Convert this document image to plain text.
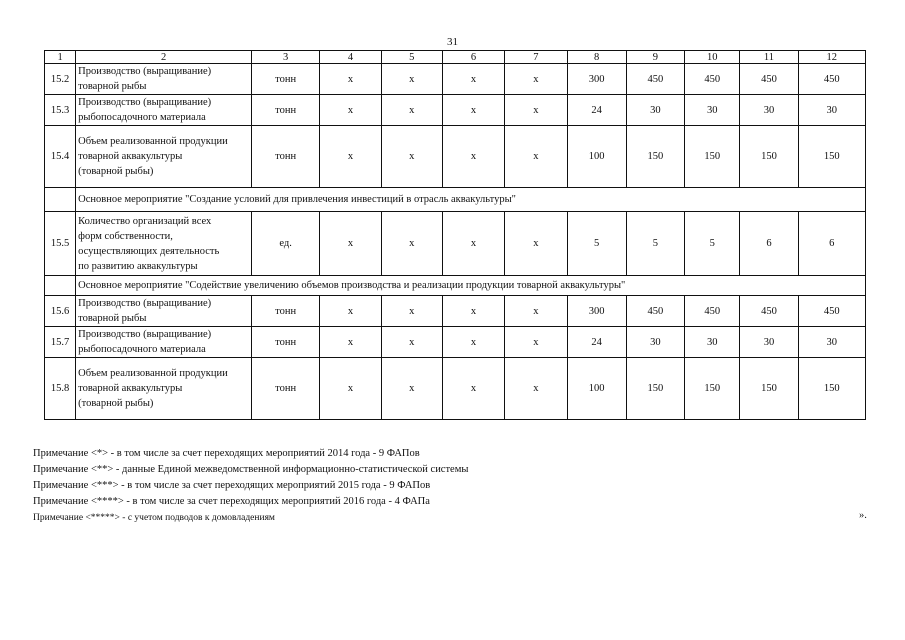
31
1	2	3	4	5	6	7	8	9	10	11	12
15.2	Производство (выращивание)
товарной рыбы	тонн	х	х	х	х	300	450	450	450	450
15.3	Производство (выращивание)
рыбопосадочного материала	тонн	х	х	х	х	24	30	30	30	30
15.4	Объем реализованной продукции
товарной аквакультуры
(товарной рыбы)	тонн	х	х	х	х	100	150	150	150	150
	Основное мероприятие "Создание условий для привлечения инвестиций в отрасль аквакультуры"										
15.5	Количество организаций всех
форм собственности,
осуществляющих деятельность
по развитию аквакультуры	ед.	х	х	х	х	5	5	5	6	6
	Основное мероприятие "Содействие увеличению объемов производства и реализации продукции товарной аквакультуры"										
15.6	Производство (выращивание)
товарной рыбы	тонн	х	х	х	х	300	450	450	450	450
15.7	Производство (выращивание)
рыбопосадочного материала	тонн	х	х	х	х	24	30	30	30	30
15.8	Объем реализованной продукции
товарной аквакультуры
(товарной рыбы)	тонн	х	х	х	х	100	150	150	150	150
Примечание <*> - в том числе за счет переходящих мероприятий 2014 года - 9 ФАПов
Примечание <**> - данные Единой межведомственной информационно-статистической системы
Примечание <***> - в том числе за счет переходящих мероприятий 2015 года - 9 ФАПов
Примечание <****> - в том числе за счет переходящих мероприятий 2016 года - 4 ФАПа
Примечание <*****> - с учетом подводов к домовладениям	».
